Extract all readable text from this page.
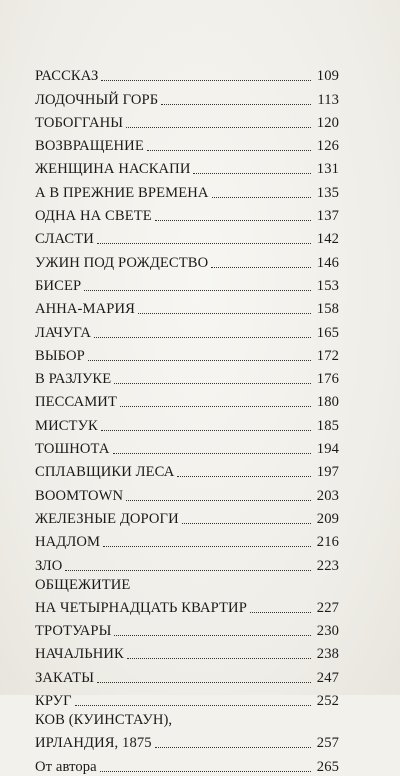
РАССКАЗ	109
ЛОДОЧНЫЙ ГОРБ	113
ТОБОГГАНЫ	120
ВОЗВРАЩЕНИЕ	126
ЖЕНЩИНА НАСКАПИ	131
А В ПРЕЖНИЕ ВРЕМЕНА	135
ОДНА НА СВЕТЕ	137
СЛАСТИ	142
УЖИН ПОД РОЖДЕСТВО	146
БИСЕР	153
АННА-МАРИЯ	158
ЛАЧУГА	165
ВЫБОР	172
В РАЗЛУКЕ	176
ПЕССАМИТ	180
МИСТУК	185
ТОШНОТА	194
СПЛАВЩИКИ ЛЕСА	197
BOOMTOWN	203
ЖЕЛЕЗНЫЕ ДОРОГИ	209
НАДЛОМ	216
ЗЛО	223
ОБЩЕЖИТИЕ
НА ЧЕТЫРНАДЦАТЬ КВАРТИР	227
ТРОТУАРЫ	230
НАЧАЛЬНИК	238
ЗАКАТЫ	247
КРУГ	252
КОВ (КУИНСТАУН),
ИРЛАНДИЯ, 1875	257
От автора	265
